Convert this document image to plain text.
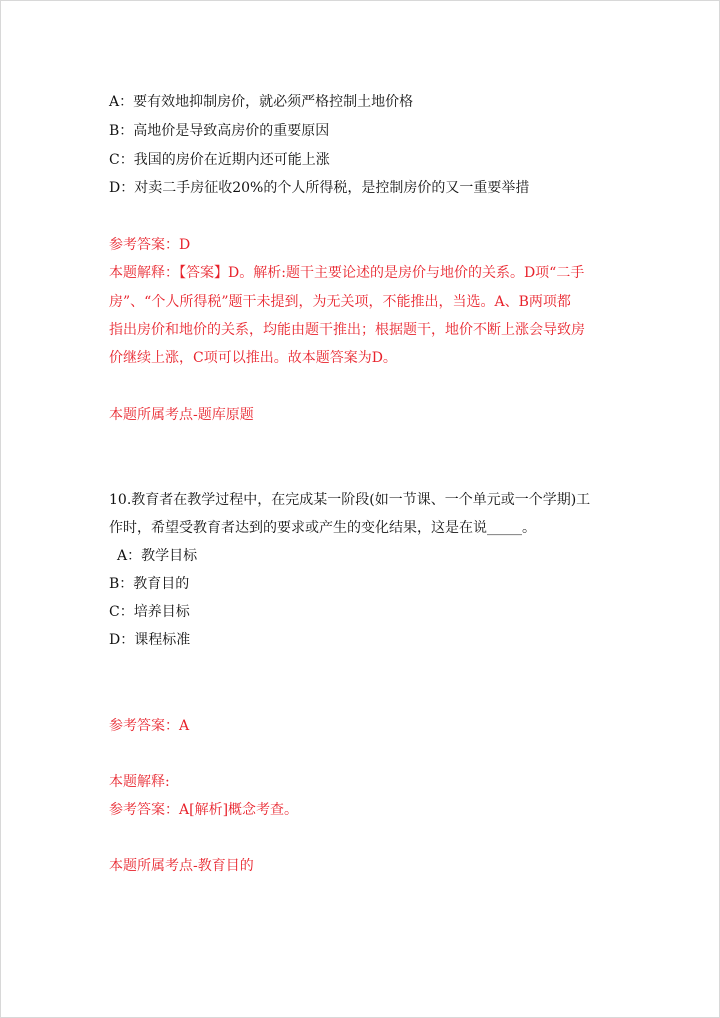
A：要有效地抑制房价，就必须严格控制土地价格
B：高地价是导致高房价的重要原因
C：我国的房价在近期内还可能上涨
D：对卖二手房征收20%的个人所得税，是控制房价的又一重要举措
参考答案：D
本题解释：【答案】D。解析:题干主要论述的是房价与地价的关系。D项“二手
房”、“个人所得税”题干未提到，为无关项，不能推出，当选。A、B两项都
指出房价和地价的关系，均能由题干推出；根据题干，地价不断上涨会导致房
价继续上涨，C项可以推出。故本题答案为D。
本题所属考点-题库原题
10.教育者在教学过程中，在完成某一阶段(如一节课、一个单元或一个学期)工
作时，希望受教育者达到的要求或产生的变化结果，这是在说_____。
A：教学目标
B：教育目的
C：培养目标
D：课程标准
参考答案：A
本题解释:
参考答案：A[解析]概念考查。
本题所属考点-教育目的
